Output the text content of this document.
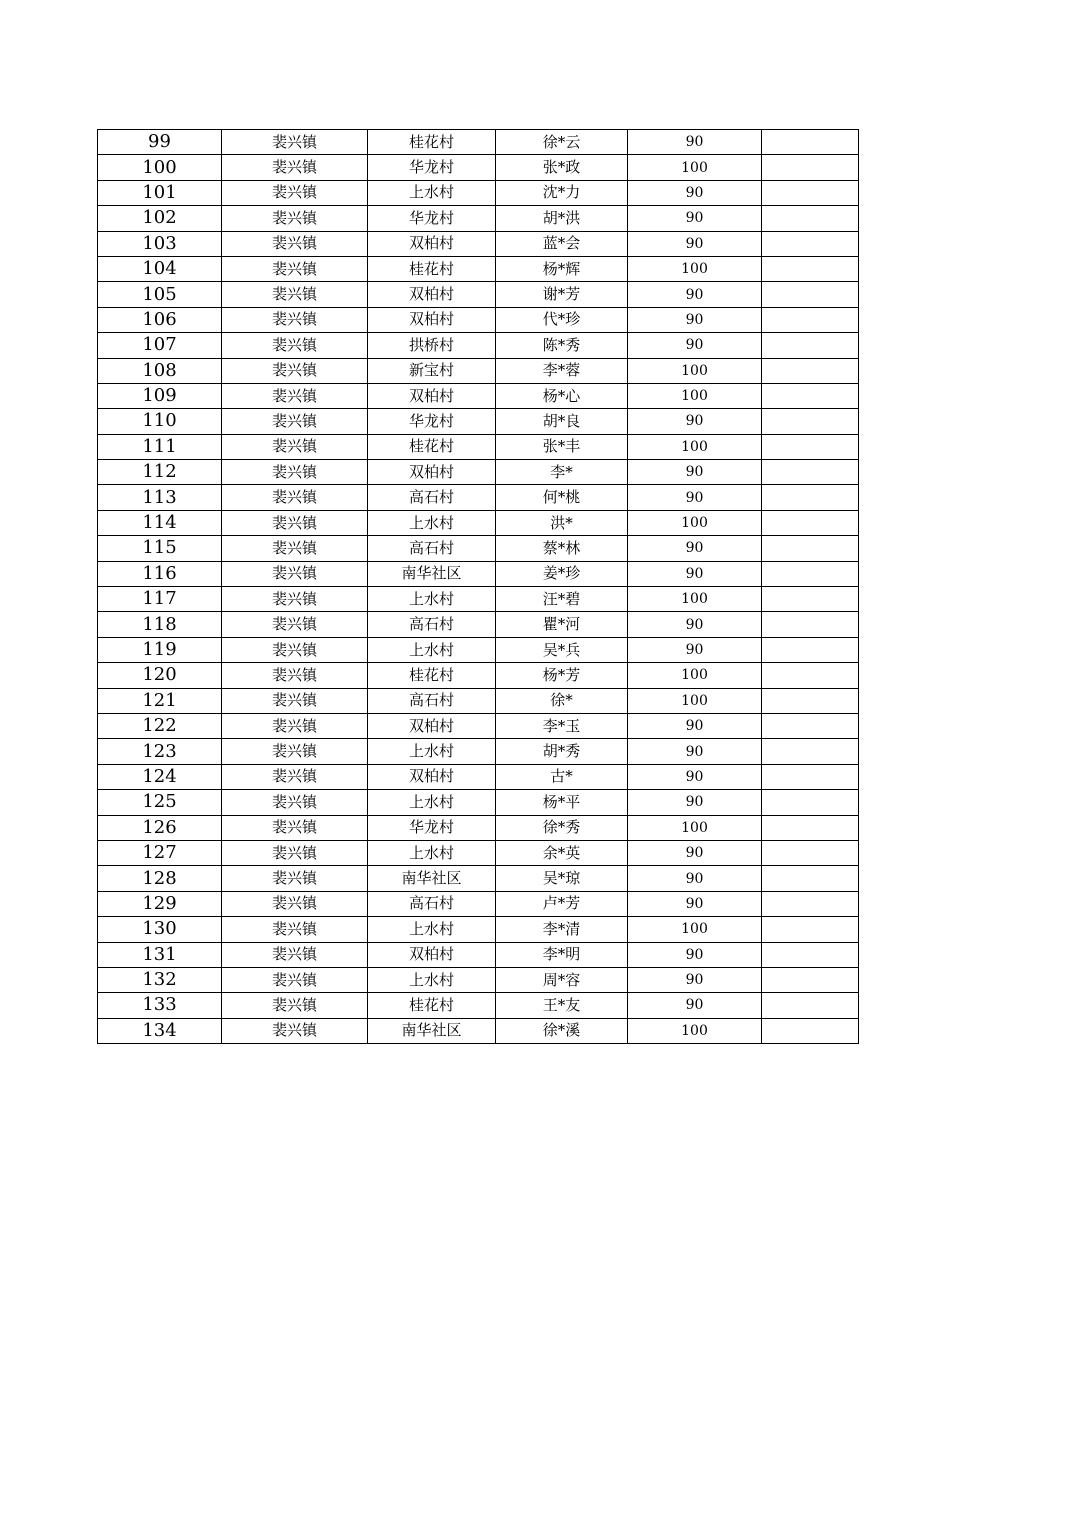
99	裴兴镇	桂花村	徐*云	90	
100	裴兴镇	华龙村	张*政	100	
101	裴兴镇	上水村	沈*力	90	
102	裴兴镇	华龙村	胡*洪	90	
103	裴兴镇	双柏村	蓝*会	90	
104	裴兴镇	桂花村	杨*辉	100	
105	裴兴镇	双柏村	谢*芳	90	
106	裴兴镇	双柏村	代*珍	90	
107	裴兴镇	拱桥村	陈*秀	90	
108	裴兴镇	新宝村	李*蓉	100	
109	裴兴镇	双柏村	杨*心	100	
110	裴兴镇	华龙村	胡*良	90	
111	裴兴镇	桂花村	张*丰	100	
112	裴兴镇	双柏村	李*	90	
113	裴兴镇	高石村	何*桃	90	
114	裴兴镇	上水村	洪*	100	
115	裴兴镇	高石村	蔡*林	90	
116	裴兴镇	南华社区	姜*珍	90	
117	裴兴镇	上水村	汪*碧	100	
118	裴兴镇	高石村	瞿*河	90	
119	裴兴镇	上水村	吴*兵	90	
120	裴兴镇	桂花村	杨*芳	100	
121	裴兴镇	高石村	徐*	100	
122	裴兴镇	双柏村	李*玉	90	
123	裴兴镇	上水村	胡*秀	90	
124	裴兴镇	双柏村	古*	90	
125	裴兴镇	上水村	杨*平	90	
126	裴兴镇	华龙村	徐*秀	100	
127	裴兴镇	上水村	余*英	90	
128	裴兴镇	南华社区	吴*琼	90	
129	裴兴镇	高石村	卢*芳	90	
130	裴兴镇	上水村	李*清	100	
131	裴兴镇	双柏村	李*明	90	
132	裴兴镇	上水村	周*容	90	
133	裴兴镇	桂花村	王*友	90	
134	裴兴镇	南华社区	徐*溪	100	
